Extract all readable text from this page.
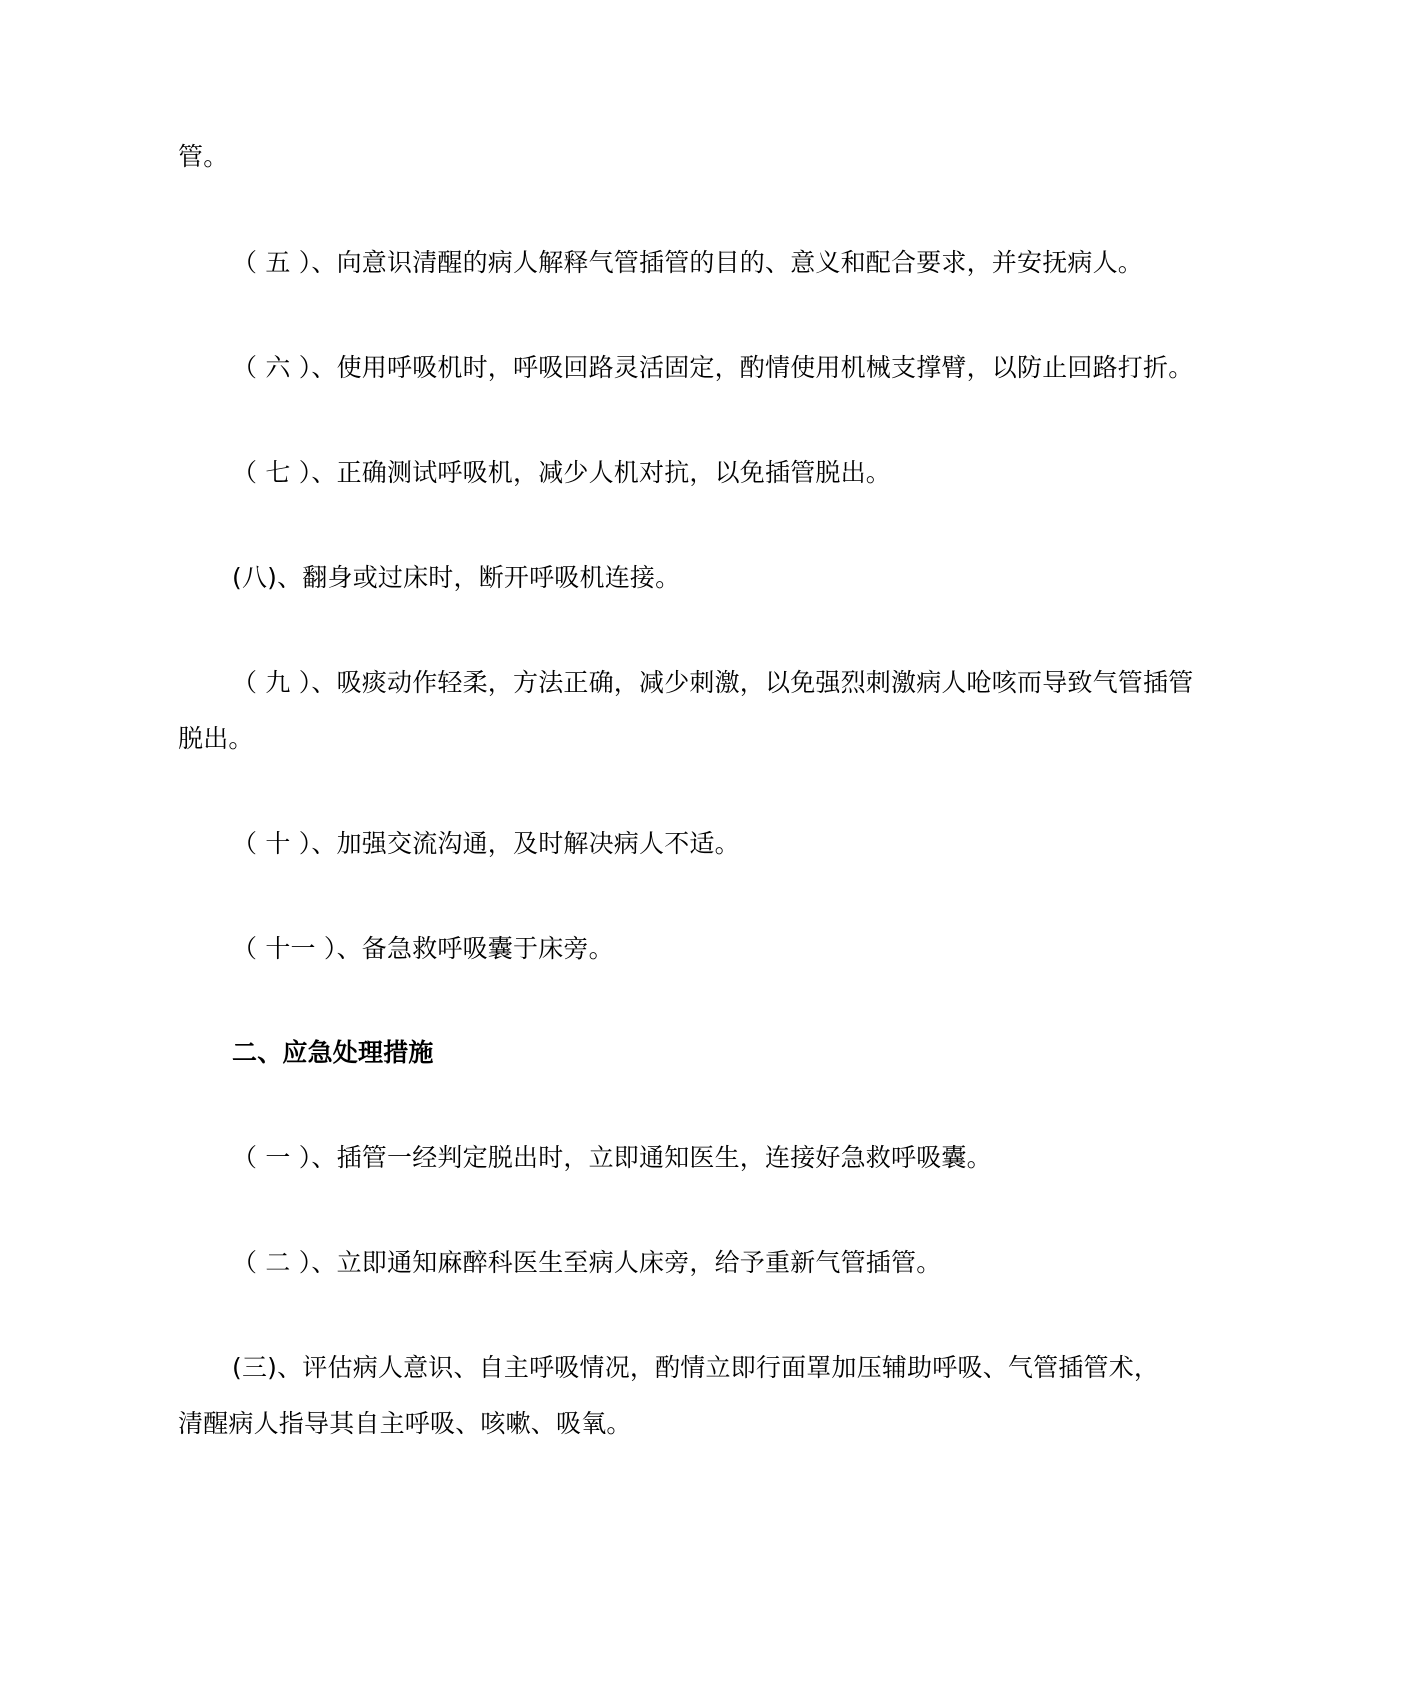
管。
（ 五 ）、向意识清醒的病人解释气管插管的目的、意义和配合要求，并安抚病人。
（ 六 ）、使用呼吸机时，呼吸回路灵活固定，酌情使用机械支撑臂，以防止回路打折。
（ 七 ）、正确测试呼吸机，减少人机对抗，以免插管脱出。
(八)、翻身或过床时，断开呼吸机连接。
（ 九 ）、吸痰动作轻柔，方法正确，减少刺激，以免强烈刺激病人呛咳而导致气管插管
脱出。
（ 十 ）、加强交流沟通，及时解决病人不适。
（ 十一 ）、备急救呼吸囊于床旁。
二、应急处理措施
（ 一 ）、插管一经判定脱出时，立即通知医生，连接好急救呼吸囊。
（ 二 ）、立即通知麻醉科医生至病人床旁，给予重新气管插管。
(三)、评估病人意识、自主呼吸情况，酌情立即行面罩加压辅助呼吸、气管插管术，
清醒病人指导其自主呼吸、咳嗽、吸氧。
